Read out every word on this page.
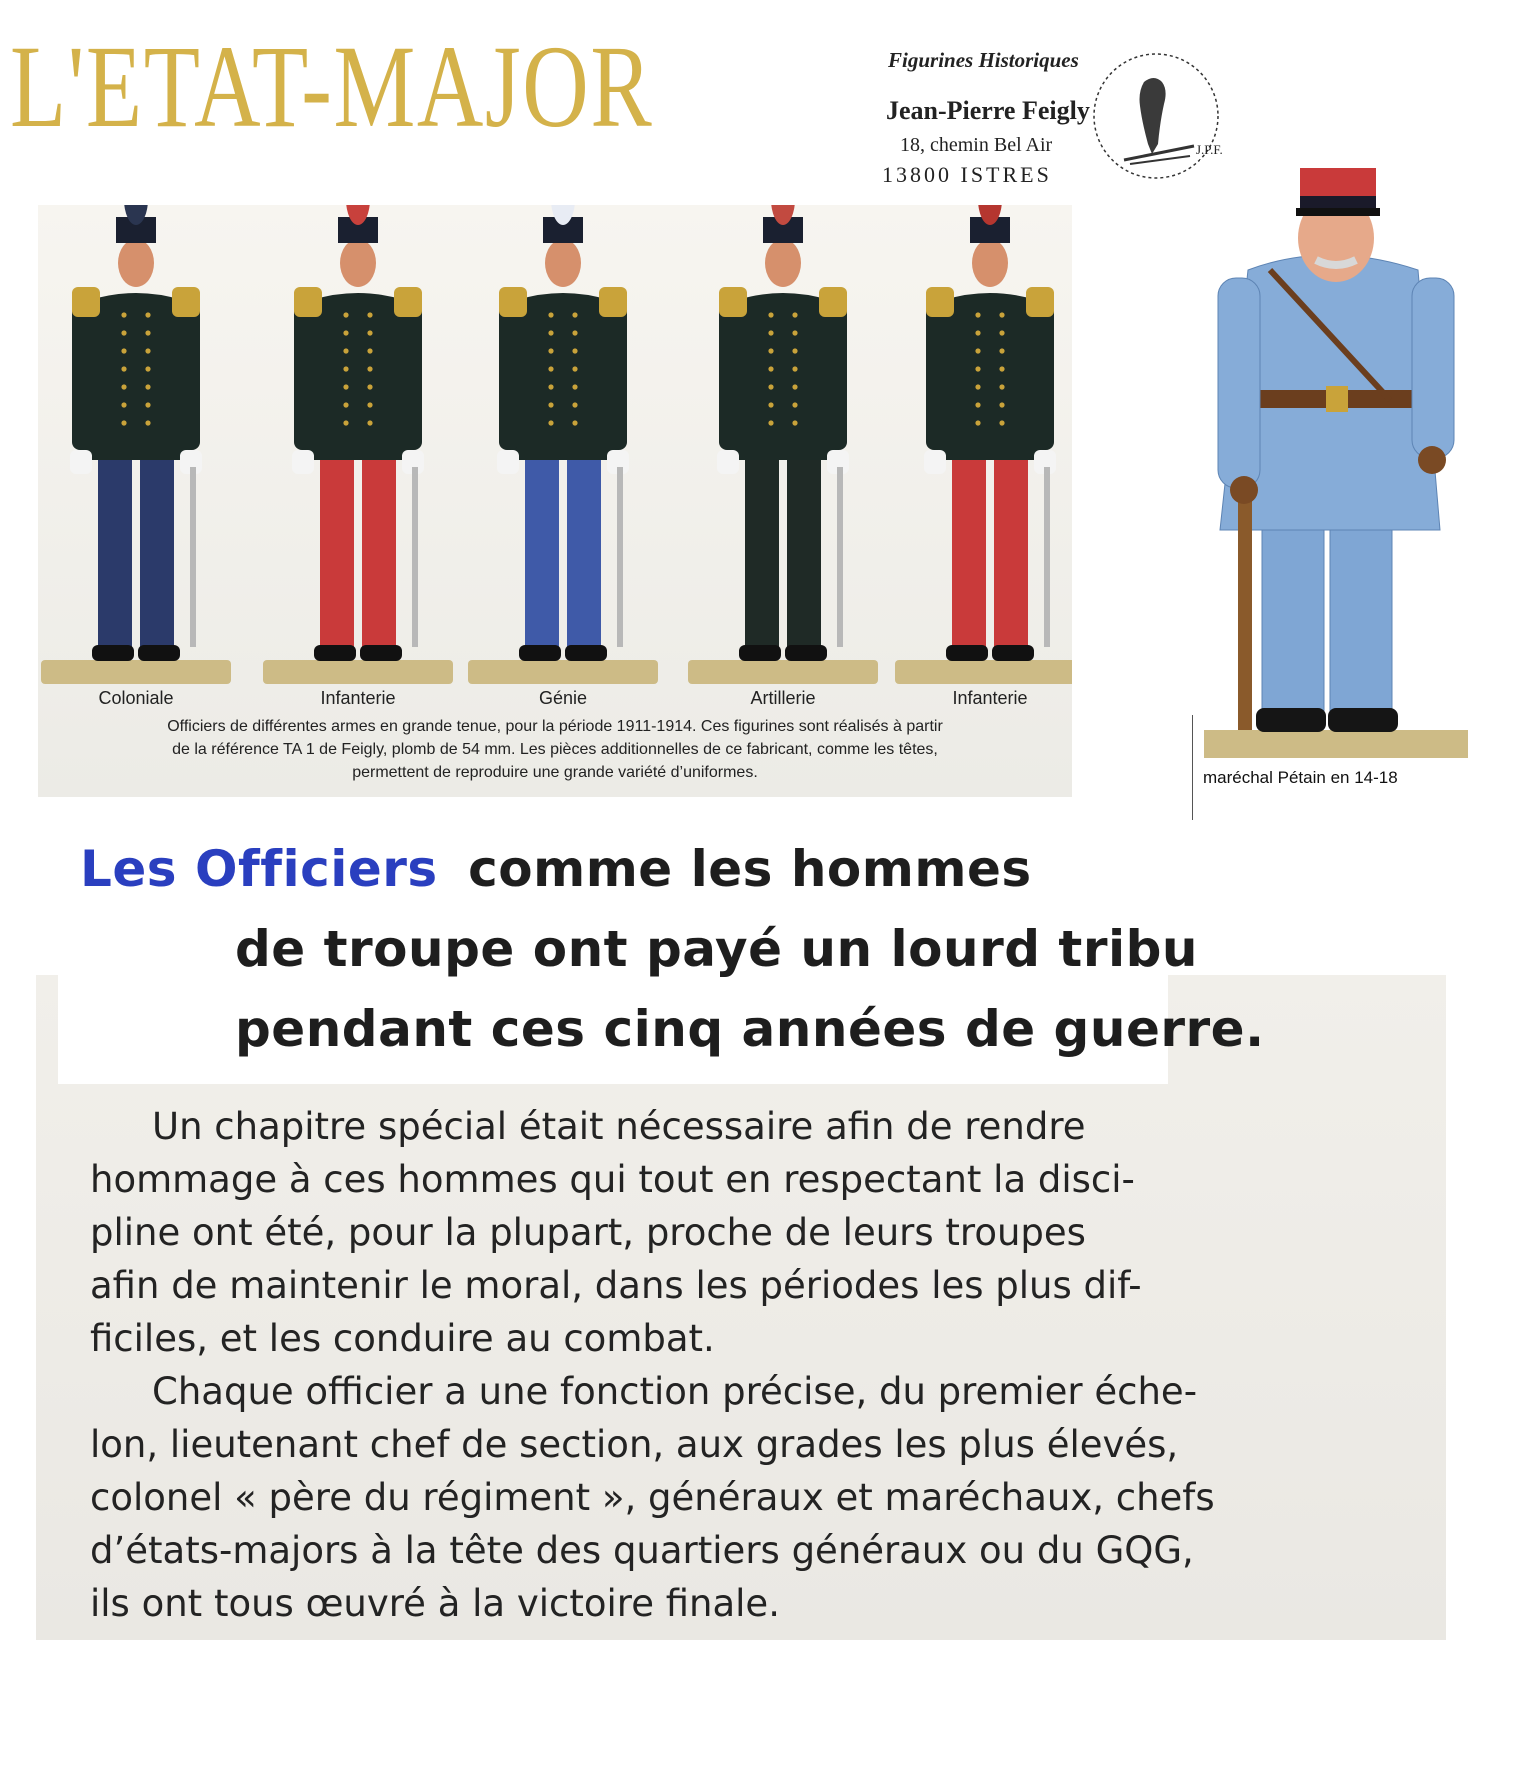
L'ETAT-MAJOR	Figurines Historiques
Jean-Pierre Feigly
18, chemin Bel Air
13800 ISTRES
J.P.F.
Coloniale	Infanterie	Génie	Artillerie	Infanterie
Officiers de différentes armes en grande tenue, pour la période 1911-1914. Ces figurines sont réalisés à partir
de la référence TA 1 de Feigly, plomb de 54 mm. Les pièces additionnelles de ce fabricant, comme les têtes,
permettent de reproduire une grande variété d’uniformes.	maréchal Pétain en 14-18
Les Officiers comme les hommes
de troupe ont payé un lourd tribu
pendant ces cinq années de guerre.
Un chapitre spécial était nécessaire afin de rendre
hommage à ces hommes qui tout en respectant la disci-
pline ont été, pour la plupart, proche de leurs troupes
afin de maintenir le moral, dans les périodes les plus dif-
ficiles, et les conduire au combat.
Chaque officier a une fonction précise, du premier éche-
lon, lieutenant chef de section, aux grades les plus élevés,
colonel « père du régiment », généraux et maréchaux, chefs
d’états-majors à la tête des quartiers généraux ou du GQG,
ils ont tous œuvré à la victoire finale.
